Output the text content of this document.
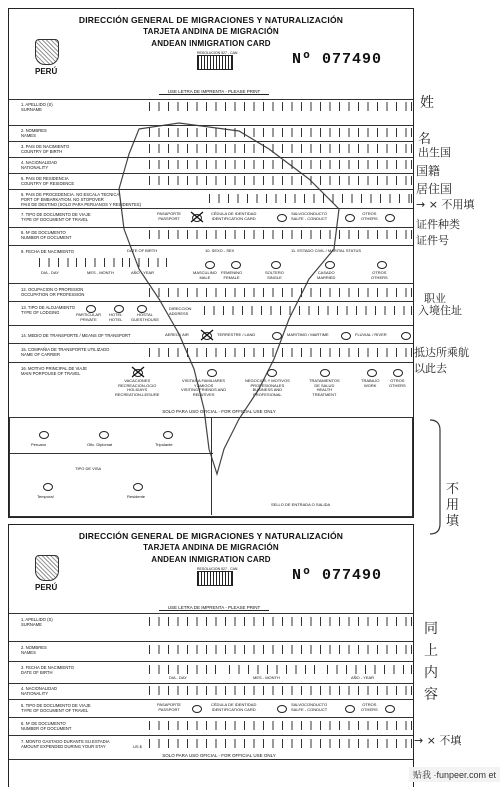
DIRECCIÓN GENERAL DE MIGRACIONES Y NATURALIZACIÓN
TARJETA ANDINA DE MIGRACIÓN
ANDEAN INMIGRATION CARD
PERÚ
RESOLUCION 527 - CAN	Nº 077490
USE LETRA DE IMPRENTA - PLEASE PRINT
1. APELLIDO (S)
SURNAME
2. NOMBRES
NAMES
3. PAIS DE NACIMIENTO
COUNTRY OF BIRTH
4. NACIONALIDAD
NATIONALITY
5. PAIS DE RESIDENCIA
COUNTRY OF RESIDENCE
6. PAIS DE PROCEDENCIA. NO ESCALA TECNICA
PORT OF EMBARKATION. NO STOPOVER
PAIS DE DESTINO (SOLO PARA PERUANOS Y RESIDENTES)
7. TIPO DE DOCUMENTO DE VIAJE
TYPE OF DOCUMENT OF TRAVEL
PASAPORTE
PASSPORT
CÉDULA DE IDENTIDAD
IDENTIFICATION CARD
SALVOCONDUCTO
SALFE - CONDUCT
OTROS
OTHERS
8. Nº DE DOCUMENTO
NUMBER OF DOCUMENT
9. FECHA DE NACIMIENTO	DATE OF BIRTH
DIA - DAY	MES - MONTH	AÑO - YEAR
10. SEXO - SEX
MASCULINO
MALE
FEMENINO
FEMALE
11. ESTADO CIVIL / MARITAL STATUS
SOLTERO
SINGLE
CASADO
MARRIED
OTROS
OTHERS
12. OCUPACION O PROFESION
OCCUPATION OR PROFESSION
13. TIPO DE ALOJAMIENTO
TYPE OF LODGING	PARTICULAR
PRIVATE
HOTEL
HOTEL
HOSTAL
GUESTHOUSE
DIRECCION
ADDRESS
14. MEDIO DE TRANSPORTE / MEANS OF TRANSPORT	AEREO / AIR	TERRESTRE / LAND	MARITIMO / MARTIME	FLUVIAL / RIVER
15. COMPAÑIA DE TRANSPORTE UTILIZADO
NAME OF CARRIER
16. MOTIVO PRINCIPAL DE VIAJE
MAIN PORPOUSE OF TRAVEL
VACACIONES
RECREACION-OCIO
HOLIDAYS
RECREATION-LEISURE
VISITAS A FAMILIARES
Y AMIGOS
VISITING FRIENDS AND
RELATIVES
NEGOCIOS Y MOTIVOS
PROFESIONALES
BUSINESS AND
PROFESIONAL
TRATAMIENTOS
DE SALUD
HEALTH
TREATMENT
TRABAJO
WORK
OTROS
OTHERS
SOLO PARA USO OFICIAL - FOR OFFICIAL USE ONLY
Peruano	Ofic. Diplomat	Tripulante
TIPO DE VISA
Temporal	Residente
SELLO DE ENTRADA O SALIDA
DIRECCIÓN GENERAL DE MIGRACIONES Y NATURALIZACIÓN
TARJETA ANDINA DE MIGRACIÓN
ANDEAN INMIGRATION CARD
PERÚ
RESOLUCION 527 - CAN	Nº 077490
USE LETRA DE IMPRENTA - PLEASE PRINT
1. APELLIDO (S)
SURNAME
2. NOMBRES
NAMES
3. FECHA DE NACIMIENTO
DATE OF BIRTH
DIA - DAY	MES - MONTH	AÑO - YEAR
4. NACIONALIDAD
NATIONALITY
5. TIPO DE DOCUMENTO DE VIAJE
TYPE OF DOCUMENT OF TRAVEL
PASAPORTE
PASSPORT
CÉDULA DE IDENTIDAD
IDENTIFICATION CARD
SALVOCONDUCTO
SALFE - CONDUCT
OTROS
OTHERS
6. Nº DE DOCUMENTO
NUMBER OF DOCUMENT
7. MONTO GASTADO DURANTE SU ESTADIA
AMOUNT EXPENDED DURING YOUR STAY	US $
SOLO PARA USO OFICIAL - FOR OFFICIAL USE ONLY
姓
名
出生国
国籍
居住国
→ × 不用填
证件种类
证件号
职业
入境住址
抵达所乘航
以此去
不用填
同上内容
→ × 不填
贴我 ·funpeer.com et
